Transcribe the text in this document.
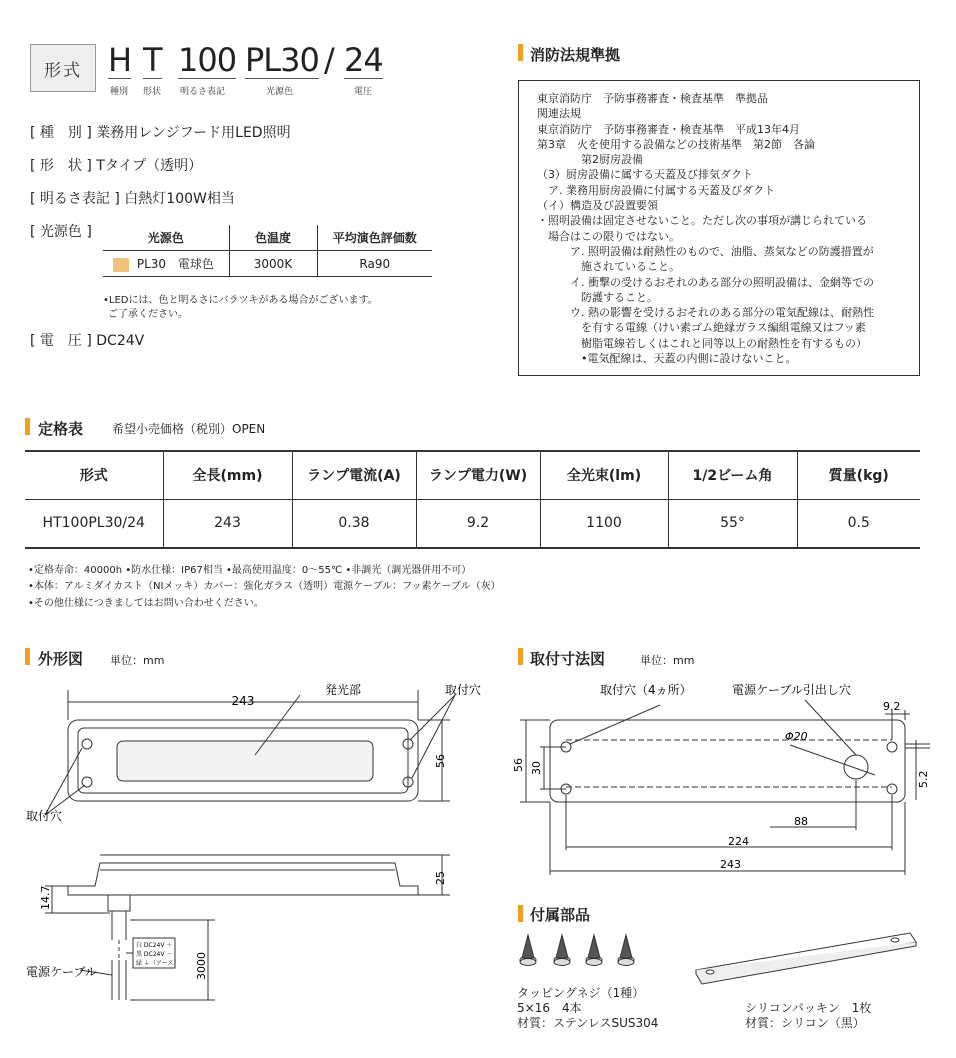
形式 H
種別
T
形状
100
明るさ表記
PL30
光源色
/ 24
電圧
[ 種　別 ] 業務用レンジフード用LED照明
[ 形　状 ] Tタイプ（透明）
[ 明るさ表記 ] 白熱灯100W相当
[ 光源色 ]	光源色	色温度	平均演色評価数
PL30 電球色	3000K	Ra90
•LEDには、色と明るさにバラツキがある場合がございます。
ご了承ください。
[ 電　圧 ] DC24V
消防法規準拠
東京消防庁　予防事務審査・検査基準　準拠品
関連法規
東京消防庁　予防事務審査・検査基準　平成13年4月
第3章　火を使用する設備などの技術基準　第2節　各論
　　　　第2厨房設備
（3）厨房設備に属する天蓋及び排気ダクト
　ア. 業務用厨房設備に付属する天蓋及びダクト
（イ）構造及び設置要領
・照明設備は固定させないこと。ただし次の事項が講じられている
　場合はこの限りではない。
　　　ア. 照明設備は耐熱性のもので、油脂、蒸気などの防護措置が
　　　　施されていること。
　　　イ. 衝撃の受けるおそれのある部分の照明設備は、金網等での
　　　　防護すること。
　　　ウ. 熱の影響を受けるおそれのある部分の電気配線は、耐熱性
　　　　を有する電線（けい素ゴム絶縁ガラス編組電線又はフッ素
　　　　樹脂電線若しくはこれと同等以上の耐熱性を有するもの）
　　　　•電気配線は、天蓋の内側に設けないこと。
定格表 希望小売価格（税別）OPEN
形式	全長(mm)	ランプ電流(A)	ランプ電力(W)	全光束(lm)	1/2ビーム角	質量(kg)
HT100PL30/24	243	0.38	9.2	1100	55°	0.5
•定格寿命：40000h •防水仕様：IP67相当 •最高使用温度：0〜55℃ •非調光（調光器併用不可）
•本体：アルミダイカスト（NIメッキ）カバー：強化ガラス（透明）電源ケーブル：フッ素ケーブル（灰）
•その他仕様につきましてはお問い合わせください。
外形図 単位：mm
243
発光部	取付穴
取付穴
56
25
14.7
3000
白 DC24V ＋
黒 DC24V －
緑 ⏚（アース）
電源ケーブル
取付寸法図	単位：mm
取付穴（4ヵ所）	電源ケーブル引出し穴
Φ20
9.2
56 30
5.2
88
224
243
付属部品
タッピングネジ（1種）
5×16　4本
材質：ステンレスSUS304
シリコンパッキン　1枚
材質：シリコン（黒）
